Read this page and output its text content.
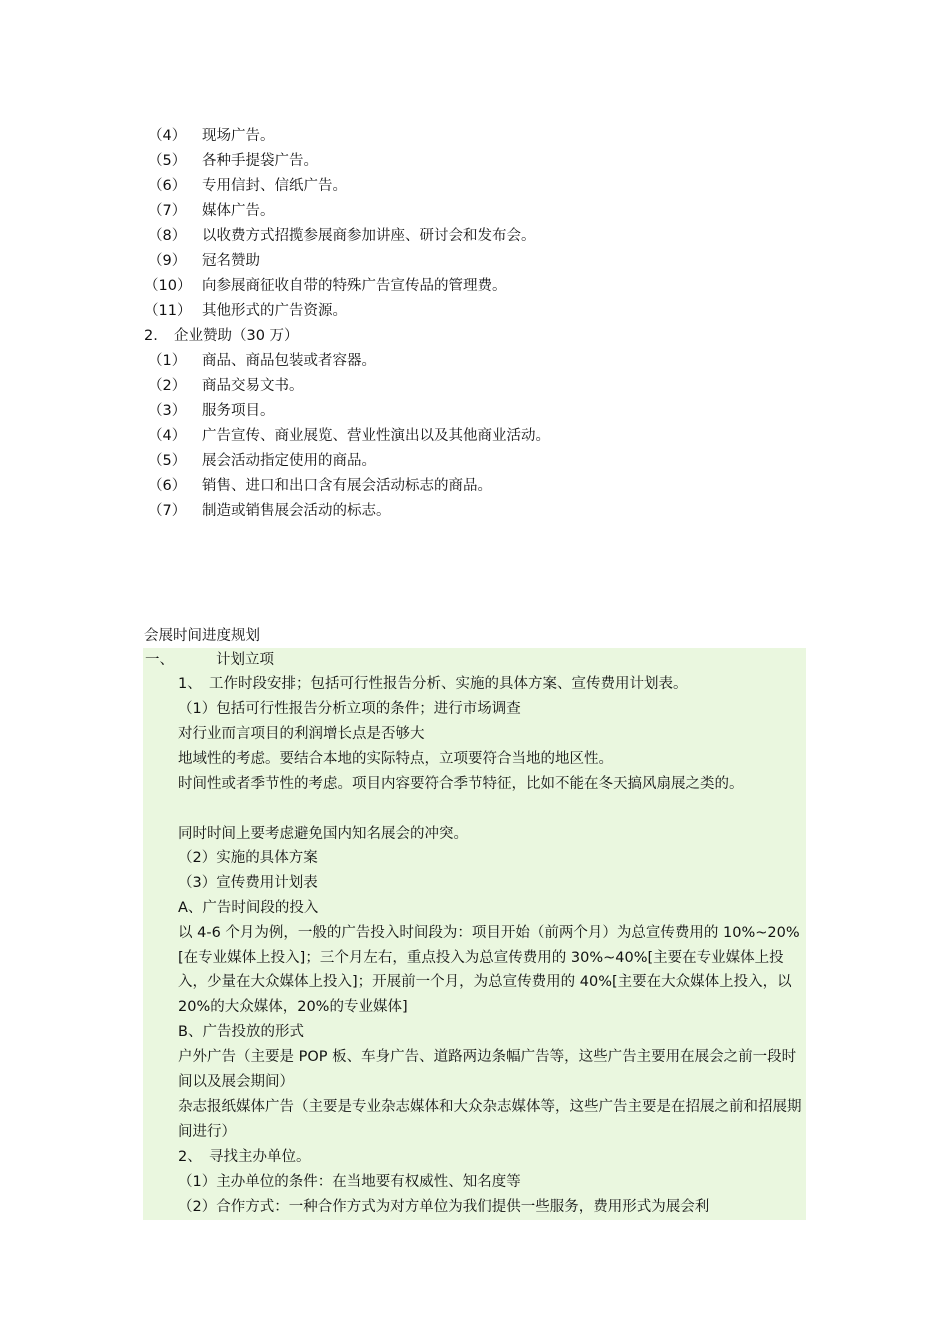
（4） 现场广告。
（5） 各种手提袋广告。
（6） 专用信封、信纸广告。
（7） 媒体广告。
（8） 以收费方式招揽参展商参加讲座、研讨会和发布会。
（9） 冠名赞助
（10） 向参展商征收自带的特殊广告宣传品的管理费。
（11） 其他形式的广告资源。
2. 企业赞助（30 万）
（1） 商品、商品包装或者容器。
（2） 商品交易文书。
（3） 服务项目。
（4） 广告宣传、商业展览、营业性演出以及其他商业活动。
（5） 展会活动指定使用的商品。
（6） 销售、进口和出口含有展会活动标志的商品。
（7） 制造或销售展会活动的标志。
会展时间进度规划
一、	计划立项
1、　工作时段安排；包括可行性报告分析、实施的具体方案、宣传费用计划表。
（1）包括可行性报告分析立项的条件；进行市场调查
对行业而言项目的利润增长点是否够大
地域性的考虑。要结合本地的实际特点，立项要符合当地的地区性。
时间性或者季节性的考虑。项目内容要符合季节特征，比如不能在冬天搞风扇展之类的。
同时时间上要考虑避免国内知名展会的冲突。
（2）实施的具体方案
（3）宣传费用计划表
A、广告时间段的投入
以 4-6 个月为例，一般的广告投入时间段为：项目开始（前两个月）为总宣传费用的 10%~20%[在专业媒体上投入]；三个月左右，重点投入为总宣传费用的 30%~40%[主要在专业媒体上投入，少量在大众媒体上投入]；开展前一个月，为总宣传费用的 40%[主要在大众媒体上投入，以 20%的大众媒体，20%的专业媒体]
B、广告投放的形式
户外广告（主要是 POP 板、车身广告、道路两边条幅广告等，这些广告主要用在展会之前一段时间以及展会期间）
杂志报纸媒体广告（主要是专业杂志媒体和大众杂志媒体等，这些广告主要是在招展之前和招展期间进行）
2、　寻找主办单位。
（1）主办单位的条件：在当地要有权威性、知名度等
（2）合作方式：一种合作方式为对方单位为我们提供一些服务，费用形式为展会利
